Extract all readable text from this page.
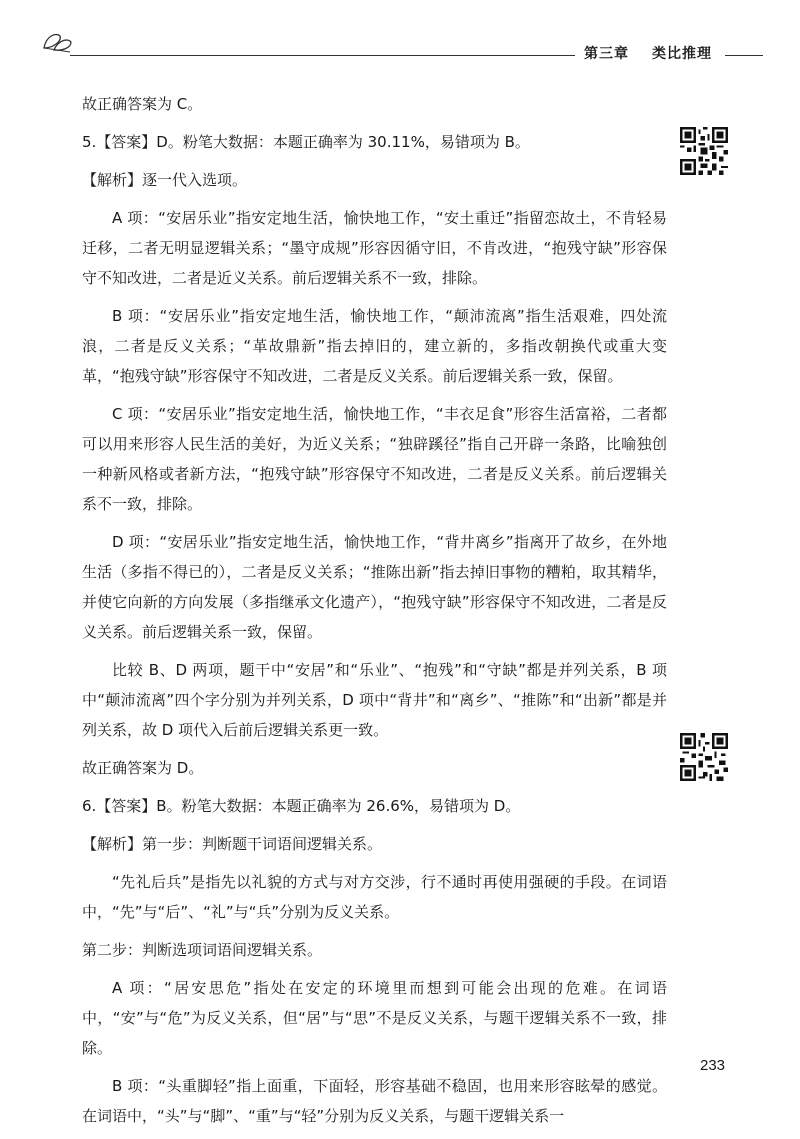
第三章 类比推理

故正确答案为 C。

5.【答案】D。粉笔大数据：本题正确率为 30.11%，易错项为 B。

【解析】逐一代入选项。

A 项：“安居乐业”指安定地生活，愉快地工作，“安土重迁”指留恋故土，不肯轻易迁移，二者无明显逻辑关系；“墨守成规”形容因循守旧，不肯改进，“抱残守缺”形容保守不知改进，二者是近义关系。前后逻辑关系不一致，排除。

B 项：“安居乐业”指安定地生活，愉快地工作，“颠沛流离”指生活艰难，四处流浪，二者是反义关系；“革故鼎新”指去掉旧的，建立新的，多指改朝换代或重大变革，“抱残守缺”形容保守不知改进，二者是反义关系。前后逻辑关系一致，保留。

C 项：“安居乐业”指安定地生活，愉快地工作，“丰衣足食”形容生活富裕，二者都可以用来形容人民生活的美好，为近义关系；“独辟蹊径”指自己开辟一条路，比喻独创一种新风格或者新方法，“抱残守缺”形容保守不知改进，二者是反义关系。前后逻辑关系不一致，排除。

D 项：“安居乐业”指安定地生活，愉快地工作，“背井离乡”指离开了故乡，在外地生活（多指不得已的），二者是反义关系；“推陈出新”指去掉旧事物的糟粕，取其精华，并使它向新的方向发展（多指继承文化遗产），“抱残守缺”形容保守不知改进，二者是反义关系。前后逻辑关系一致，保留。

比较 B、D 两项，题干中“安居”和“乐业”、“抱残”和“守缺”都是并列关系，B 项中“颠沛流离”四个字分别为并列关系，D 项中“背井”和“离乡”、“推陈”和“出新”都是并列关系，故 D 项代入后前后逻辑关系更一致。

故正确答案为 D。

6.【答案】B。粉笔大数据：本题正确率为 26.6%，易错项为 D。

【解析】第一步：判断题干词语间逻辑关系。

“先礼后兵”是指先以礼貌的方式与对方交涉，行不通时再使用强硬的手段。在词语中，“先”与“后”、“礼”与“兵”分别为反义关系。

第二步：判断选项词语间逻辑关系。

A 项：“居安思危”指处在安定的环境里而想到可能会出现的危难。在词语中，“安”与“危”为反义关系，但“居”与“思”不是反义关系，与题干逻辑关系不一致，排除。

B 项：“头重脚轻”指上面重，下面轻，形容基础不稳固，也用来形容眩晕的感觉。在词语中，“头”与“脚”、“重”与“轻”分别为反义关系，与题干逻辑关系一

233
